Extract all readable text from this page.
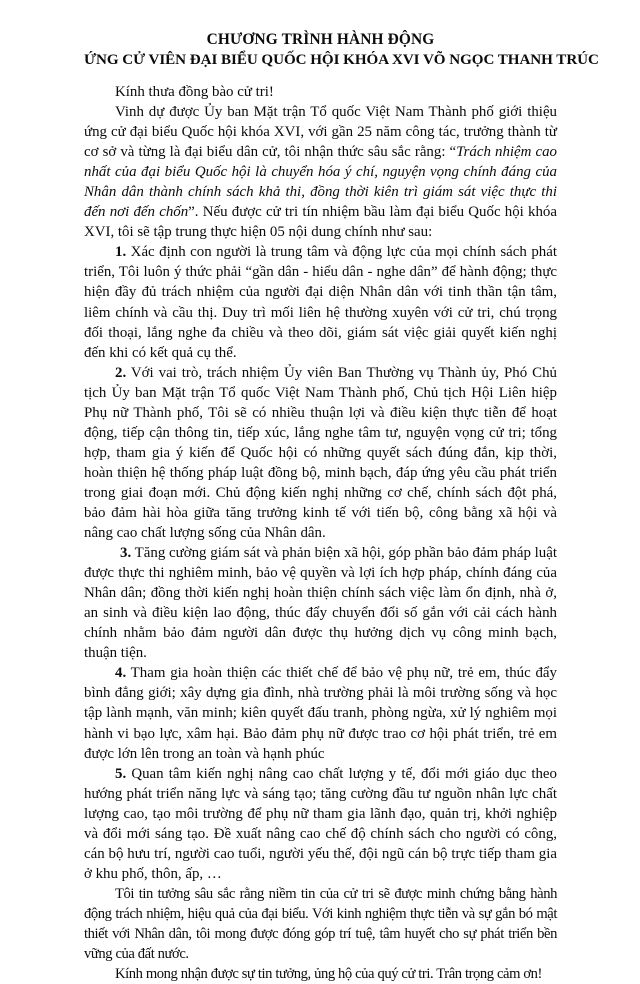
CHƯƠNG TRÌNH HÀNH ĐỘNG
ỨNG CỬ VIÊN ĐẠI BIỂU QUỐC HỘI KHÓA XVI VÕ NGỌC THANH TRÚC

Kính thưa đồng bào cử tri!

Vinh dự được Ủy ban Mặt trận Tổ quốc Việt Nam Thành phố giới thiệu ứng cử đại biểu Quốc hội khóa XVI, với gần 25 năm công tác, trưởng thành từ cơ sở và từng là đại biểu dân cử, tôi nhận thức sâu sắc rằng: “Trách nhiệm cao nhất của đại biểu Quốc hội là chuyển hóa ý chí, nguyện vọng chính đáng của Nhân dân thành chính sách khả thi, đồng thời kiên trì giám sát việc thực thi đến nơi đến chốn”. Nếu được cử tri tín nhiệm bầu làm đại biểu Quốc hội khóa XVI, tôi sẽ tập trung thực hiện 05 nội dung chính như sau:

1. Xác định con người là trung tâm và động lực của mọi chính sách phát triển, Tôi luôn ý thức phải “gần dân - hiểu dân - nghe dân” để hành động; thực hiện đầy đủ trách nhiệm của người đại diện Nhân dân với tinh thần tận tâm, liêm chính và cầu thị. Duy trì mối liên hệ thường xuyên với cử tri, chú trọng đối thoại, lắng nghe đa chiều và theo dõi, giám sát việc giải quyết kiến nghị đến khi có kết quả cụ thể.

2. Với vai trò, trách nhiệm Ủy viên Ban Thường vụ Thành ủy, Phó Chủ tịch Ủy ban Mặt trận Tổ quốc Việt Nam Thành phố, Chủ tịch Hội Liên hiệp Phụ nữ Thành phố, Tôi sẽ có nhiều thuận lợi và điều kiện thực tiễn để hoạt động, tiếp cận thông tin, tiếp xúc, lắng nghe tâm tư, nguyện vọng cử tri; tổng hợp, tham gia ý kiến để Quốc hội có những quyết sách đúng đắn, kịp thời, hoàn thiện hệ thống pháp luật đồng bộ, minh bạch, đáp ứng yêu cầu phát triển trong giai đoạn mới. Chủ động kiến nghị những cơ chế, chính sách đột phá, bảo đảm hài hòa giữa tăng trưởng kinh tế với tiến bộ, công bằng xã hội và nâng cao chất lượng sống của Nhân dân.

3. Tăng cường giám sát và phản biện xã hội, góp phần bảo đảm pháp luật được thực thi nghiêm minh, bảo vệ quyền và lợi ích hợp pháp, chính đáng của Nhân dân; đồng thời kiến nghị hoàn thiện chính sách việc làm ổn định, nhà ở, an sinh và điều kiện lao động, thúc đẩy chuyển đổi số gắn với cải cách hành chính nhằm bảo đảm người dân được thụ hưởng dịch vụ công minh bạch, thuận tiện.

4. Tham gia hoàn thiện các thiết chế để bảo vệ phụ nữ, trẻ em, thúc đẩy bình đẳng giới; xây dựng gia đình, nhà trường phải là môi trường sống và học tập lành mạnh, văn minh; kiên quyết đấu tranh, phòng ngừa, xử lý nghiêm mọi hành vi bạo lực, xâm hại. Bảo đảm phụ nữ được trao cơ hội phát triển, trẻ em được lớn lên trong an toàn và hạnh phúc

5. Quan tâm kiến nghị nâng cao chất lượng y tế, đổi mới giáo dục theo hướng phát triển năng lực và sáng tạo; tăng cường đầu tư nguồn nhân lực chất lượng cao, tạo môi trường để phụ nữ tham gia lãnh đạo, quản trị, khởi nghiệp và đổi mới sáng tạo. Đề xuất nâng cao chế độ chính sách cho người có công, cán bộ hưu trí, người cao tuổi, người yếu thế, đội ngũ cán bộ trực tiếp tham gia ở khu phố, thôn, ấp, …

Tôi tin tưởng sâu sắc rằng niềm tin của cử tri sẽ được minh chứng bằng hành động trách nhiệm, hiệu quả của đại biểu. Với kinh nghiệm thực tiễn và sự gắn bó mật thiết với Nhân dân, tôi mong được đóng góp trí tuệ, tâm huyết cho sự phát triển bền vững của đất nước.

Kính mong nhận được sự tin tưởng, ủng hộ của quý cử tri. Trân trọng cảm ơn!
